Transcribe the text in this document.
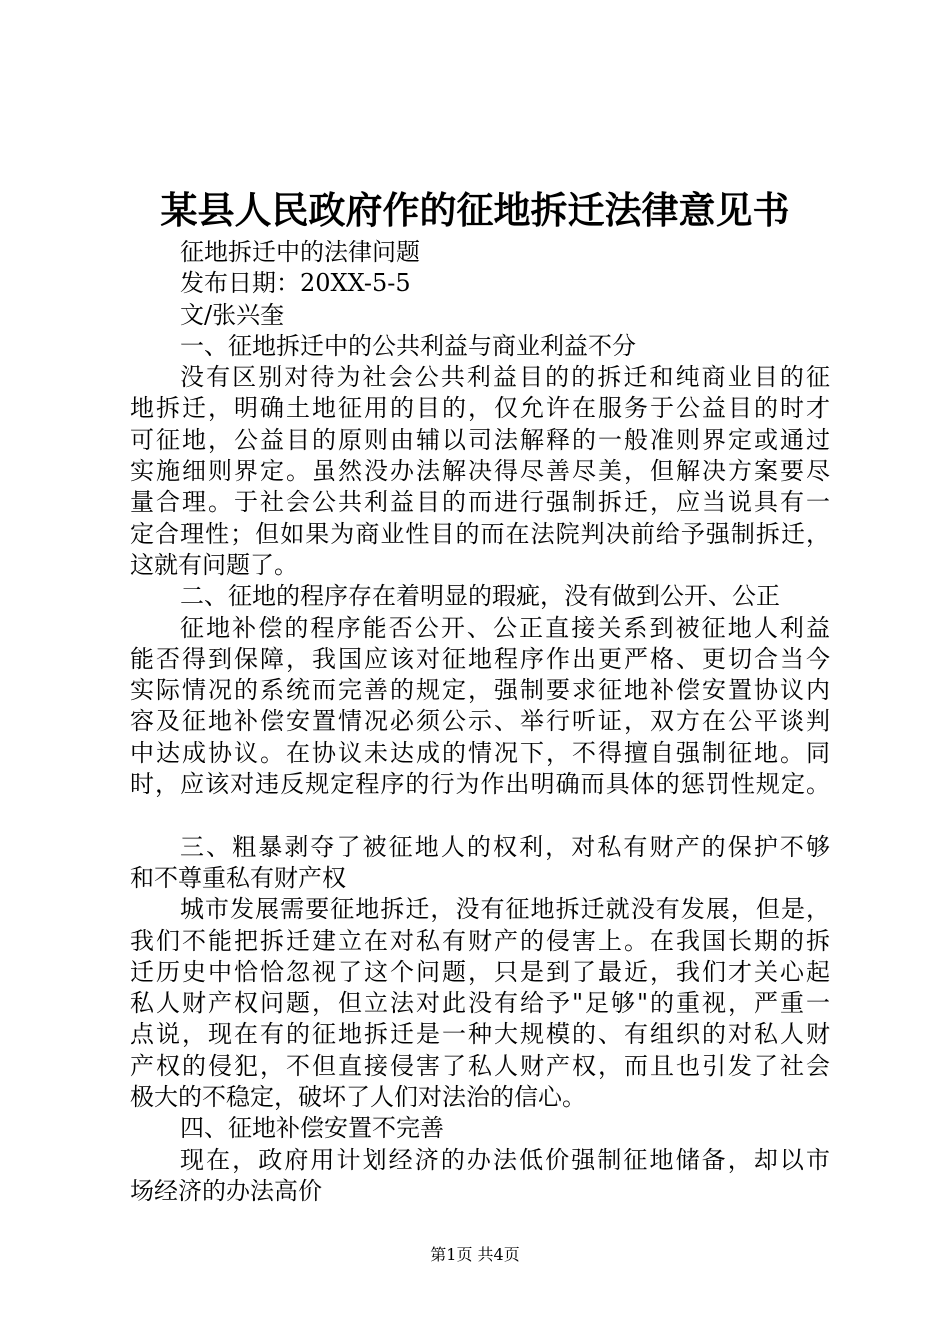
某县人民政府作的征地拆迁法律意见书
征地拆迁中的法律问题
发布日期：20XX-5-5
文/张兴奎
一、征地拆迁中的公共利益与商业利益不分
没有区别对待为社会公共利益目的的拆迁和纯商业目的征
地拆迁，明确土地征用的目的，仅允许在服务于公益目的时才
可征地，公益目的原则由辅以司法解释的一般准则界定或通过
实施细则界定。虽然没办法解决得尽善尽美，但解决方案要尽
量合理。于社会公共利益目的而进行强制拆迁，应当说具有一
定合理性；但如果为商业性目的而在法院判决前给予强制拆迁，
这就有问题了。
二、征地的程序存在着明显的瑕疵，没有做到公开、公正
征地补偿的程序能否公开、公正直接关系到被征地人利益
能否得到保障，我国应该对征地程序作出更严格、更切合当今
实际情况的系统而完善的规定，强制要求征地补偿安置协议内
容及征地补偿安置情况必须公示、举行听证，双方在公平谈判
中达成协议。在协议未达成的情况下，不得擅自强制征地。同
时，应该对违反规定程序的行为作出明确而具体的惩罚性规定。
三、粗暴剥夺了被征地人的权利，对私有财产的保护不够
和不尊重私有财产权
城市发展需要征地拆迁，没有征地拆迁就没有发展，但是，
我们不能把拆迁建立在对私有财产的侵害上。在我国长期的拆
迁历史中恰恰忽视了这个问题，只是到了最近，我们才关心起
私人财产权问题，但立法对此没有给予"足够"的重视，严重一
点说，现在有的征地拆迁是一种大规模的、有组织的对私人财
产权的侵犯，不但直接侵害了私人财产权，而且也引发了社会
极大的不稳定，破坏了人们对法治的信心。
四、征地补偿安置不完善
现在，政府用计划经济的办法低价强制征地储备，却以市
场经济的办法高价
第1页 共4页
